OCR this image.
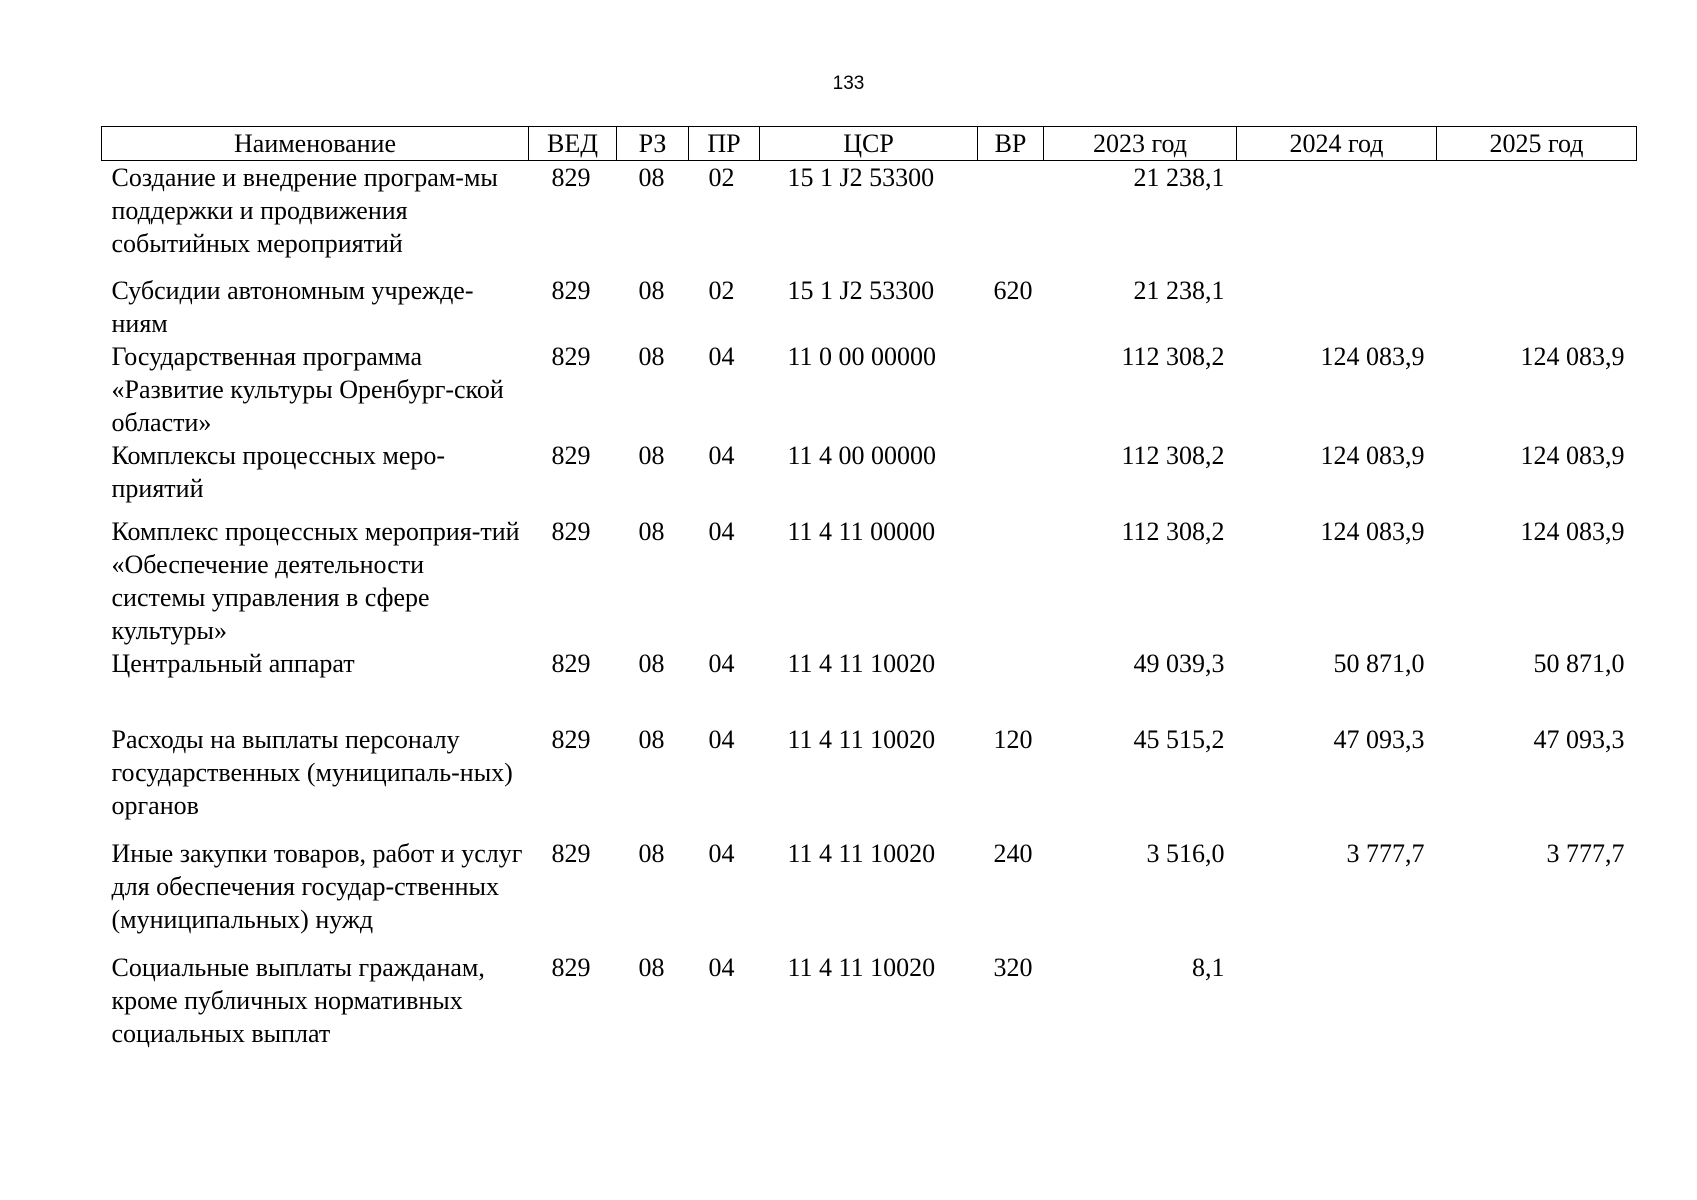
133
Наименование	ВЕД	РЗ	ПР	ЦСР	ВР	2023 год	2024 год	2025 год
Создание и внедрение програм-мы поддержки и продвижения событийных мероприятий	829	08	02	15 1 J2 53300		21 238,1		
Субсидии автономным учрежде-ниям	829	08	02	15 1 J2 53300	620	21 238,1		
Государственная программа «Развитие культуры Оренбург-ской области»	829	08	04	11 0 00 00000		112 308,2	124 083,9	124 083,9
Комплексы процессных меро-приятий	829	08	04	11 4 00 00000		112 308,2	124 083,9	124 083,9
Комплекс процессных мероприя-тий «Обеспечение деятельности системы управления в сфере культуры»	829	08	04	11 4 11 00000		112 308,2	124 083,9	124 083,9
Центральный аппарат	829	08	04	11 4 11 10020		49 039,3	50 871,0	50 871,0
Расходы на выплаты персоналу государственных (муниципаль-ных) органов	829	08	04	11 4 11 10020	120	45 515,2	47 093,3	47 093,3
Иные закупки товаров, работ и услуг для обеспечения государ-ственных (муниципальных) нужд	829	08	04	11 4 11 10020	240	3 516,0	3 777,7	3 777,7
Социальные выплаты гражданам, кроме публичных нормативных социальных выплат	829	08	04	11 4 11 10020	320	8,1		
